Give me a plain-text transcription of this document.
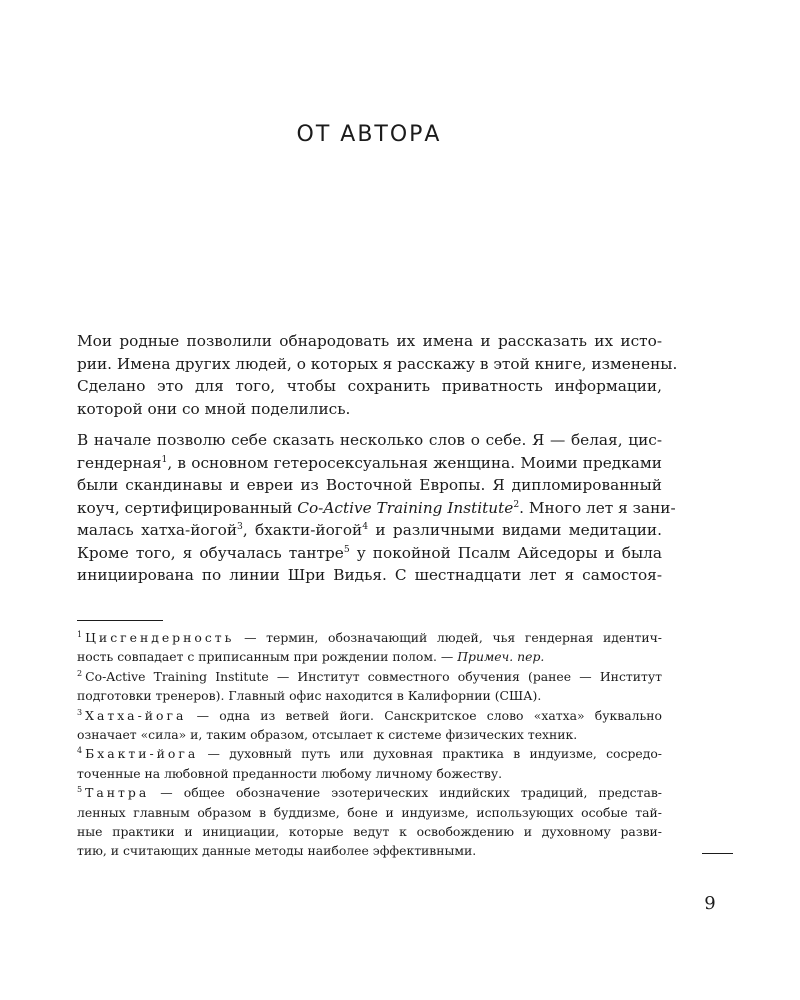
ОТ АВТОРА

Мои родные позволили обнародовать их имена и рассказать их исто-
рии. Имена других людей, о которых я расскажу в этой книге, изменены.
Сделано это для того, чтобы сохранить приватность информации,
которой они со мной поделились.

В начале позволю себе сказать несколько слов о себе. Я — белая, цис-
гендерная$^1$, в основном гетеросексуальная женщина. Моими предками
были скандинавы и евреи из Восточной Европы. Я дипломированный
коуч, сертифицированный Co-Active Training Institute$^2$. Много лет я зани-
малась хатха-йогой$^3$, бхакти-йогой$^4$ и различными видами медитации.
Кроме того, я обучалась тантре$^5$ у покойной Псалм Айседоры и была
инициирована по линии Шри Видья. С шестнадцати лет я самостоя-

$^1$ Цисгендерность — термин, обозначающий людей, чья гендерная идентич-
ность совпадает с приписанным при рождении полом. — Примеч. пер.
$^2$ Co-Active Training Institute — Институт совместного обучения (ранее — Институт
подготовки тренеров). Главный офис находится в Калифорнии (США).
$^3$ Хатха-йога — одна из ветвей йоги. Санскритское слово «хатха» буквально
означает «сила» и, таким образом, отсылает к системе физических техник.
$^4$ Бхакти-йога — духовный путь или духовная практика в индуизме, сосредо-
точенные на любовной преданности любому личному божеству.
$^5$ Тантра — общее обозначение эзотерических индийских традиций, представ-
ленных главным образом в буддизме, боне и индуизме, использующих особые тай-
ные практики и инициации, которые ведут к освобождению и духовному разви-
тию, и считающих данные методы наиболее эффективными.
9
